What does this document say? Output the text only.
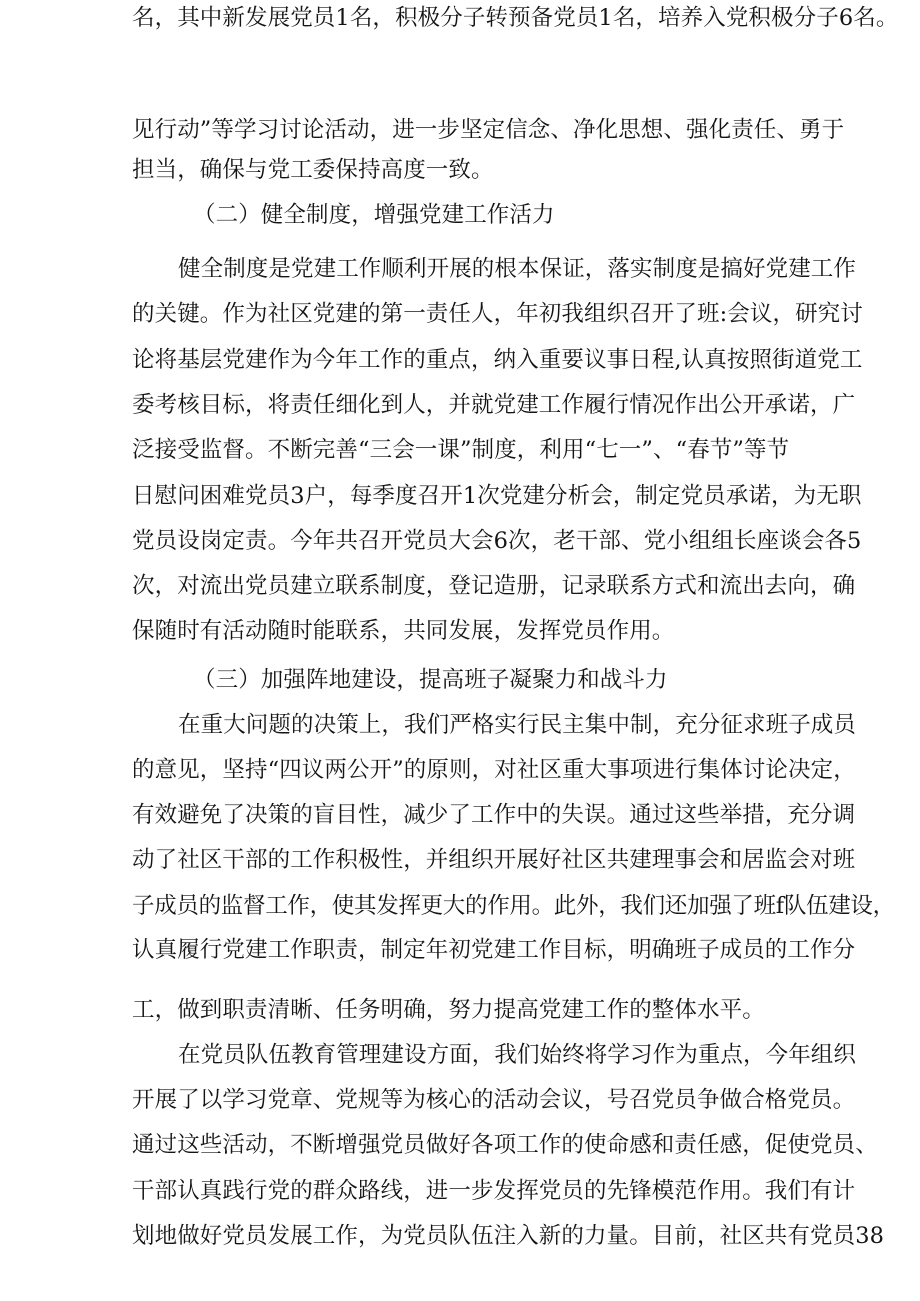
见行动”等学习讨论活动，进一步坚定信念、净化思想、强化责任、勇于
担当，确保与党工委保持高度一致。
（二）健全制度，增强党建工作活力
健全制度是党建工作顺利开展的根本保证，落实制度是搞好党建工作
的关键。作为社区党建的第一责任人，年初我组织召开了班:会议，研究讨
论将基层党建作为今年工作的重点，纳入重要议事日程,认真按照街道党工
委考核目标，将责任细化到人，并就党建工作履行情况作出公开承诺，广
泛接受监督。不断完善“三会一课”制度，利用“七一”、“春节”等节
日慰问困难党员3户，每季度召开1次党建分析会，制定党员承诺，为无职
党员设岗定责。今年共召开党员大会6次，老干部、党小组组长座谈会各5
次，对流出党员建立联系制度，登记造册，记录联系方式和流出去向，确
保随时有活动随时能联系，共同发展，发挥党员作用。
（三）加强阵地建设，提高班子凝聚力和战斗力
在重大问题的决策上，我们严格实行民主集中制，充分征求班子成员
的意见，坚持“四议两公开”的原则，对社区重大事项进行集体讨论决定，
有效避免了决策的盲目性，减少了工作中的失误。通过这些举措，充分调
动了社区干部的工作积极性，并组织开展好社区共建理事会和居监会对班
子成员的监督工作，使其发挥更大的作用。此外，我们还加强了班f队伍建设，
认真履行党建工作职责，制定年初党建工作目标，明确班子成员的工作分
工，做到职责清晰、任务明确，努力提高党建工作的整体水平。
在党员队伍教育管理建设方面，我们始终将学习作为重点，今年组织
开展了以学习党章、党规等为核心的活动会议，号召党员争做合格党员。
通过这些活动，不断增强党员做好各项工作的使命感和责任感，促使党员、
干部认真践行党的群众路线，进一步发挥党员的先锋模范作用。我们有计
划地做好党员发展工作，为党员队伍注入新的力量。目前，社区共有党员38
名，其中新发展党员1名，积极分子转预备党员1名，培养入党积极分子6名。
